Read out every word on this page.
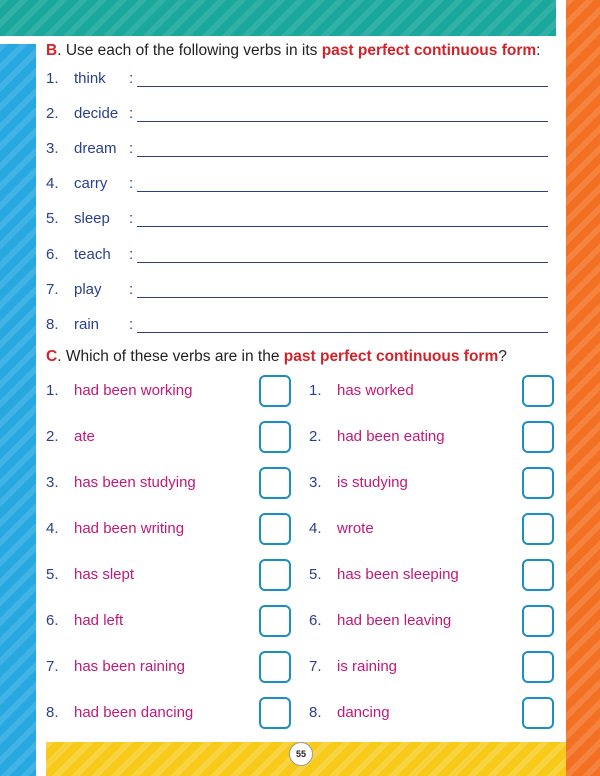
55
B. Use each of the following verbs in its past perfect continuous form:
1. think :
2. decide :
3. dream :
4. carry :
5. sleep :
6. teach :
7. play :
8. rain :
C. Which of these verbs are in the past perfect continuous form?
1. had been working
2. ate
3. has been studying
4. had been writing
5. has slept
6. had left
7. has been raining
8. had been dancing
1. has worked
2. had been eating
3. is studying
4. wrote
5. has been sleeping
6. had been leaving
7. is raining
8. dancing
